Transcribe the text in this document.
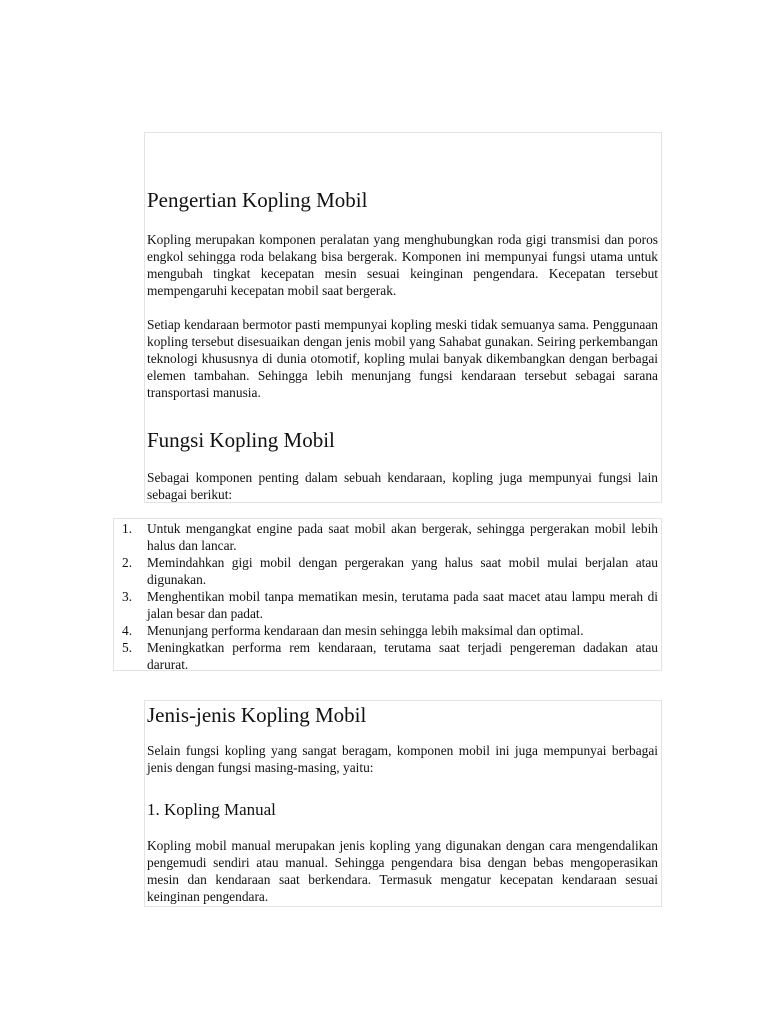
Pengertian Kopling Mobil

Kopling merupakan komponen peralatan yang menghubungkan roda gigi transmisi dan poros engkol sehingga roda belakang bisa bergerak. Komponen ini mempunyai fungsi utama untuk mengubah tingkat kecepatan mesin sesuai keinginan pengendara. Kecepatan tersebut mempengaruhi kecepatan mobil saat bergerak.

Setiap kendaraan bermotor pasti mempunyai kopling meski tidak semuanya sama. Penggunaan kopling tersebut disesuaikan dengan jenis mobil yang Sahabat gunakan. Seiring perkembangan teknologi khususnya di dunia otomotif, kopling mulai banyak dikembangkan dengan berbagai elemen tambahan. Sehingga lebih menunjang fungsi kendaraan tersebut sebagai sarana transportasi manusia.

Fungsi Kopling Mobil

Sebagai komponen penting dalam sebuah kendaraan, kopling juga mempunyai fungsi lain sebagai berikut:

1.	Untuk mengangkat engine pada saat mobil akan bergerak, sehingga pergerakan mobil lebih halus dan lancar.
2.	Memindahkan gigi mobil dengan pergerakan yang halus saat mobil mulai berjalan atau digunakan.
3.	Menghentikan mobil tanpa mematikan mesin, terutama pada saat macet atau lampu merah di jalan besar dan padat.
4.	Menunjang performa kendaraan dan mesin sehingga lebih maksimal dan optimal.
5.	Meningkatkan performa rem kendaraan, terutama saat terjadi pengereman dadakan atau darurat.
Jenis-jenis Kopling Mobil

Selain fungsi kopling yang sangat beragam, komponen mobil ini juga mempunyai berbagai jenis dengan fungsi masing-masing, yaitu:

1. Kopling Manual

Kopling mobil manual merupakan jenis kopling yang digunakan dengan cara mengendalikan pengemudi sendiri atau manual. Sehingga pengendara bisa dengan bebas mengoperasikan mesin dan kendaraan saat berkendara. Termasuk mengatur kecepatan kendaraan sesuai keinginan pengendara.
